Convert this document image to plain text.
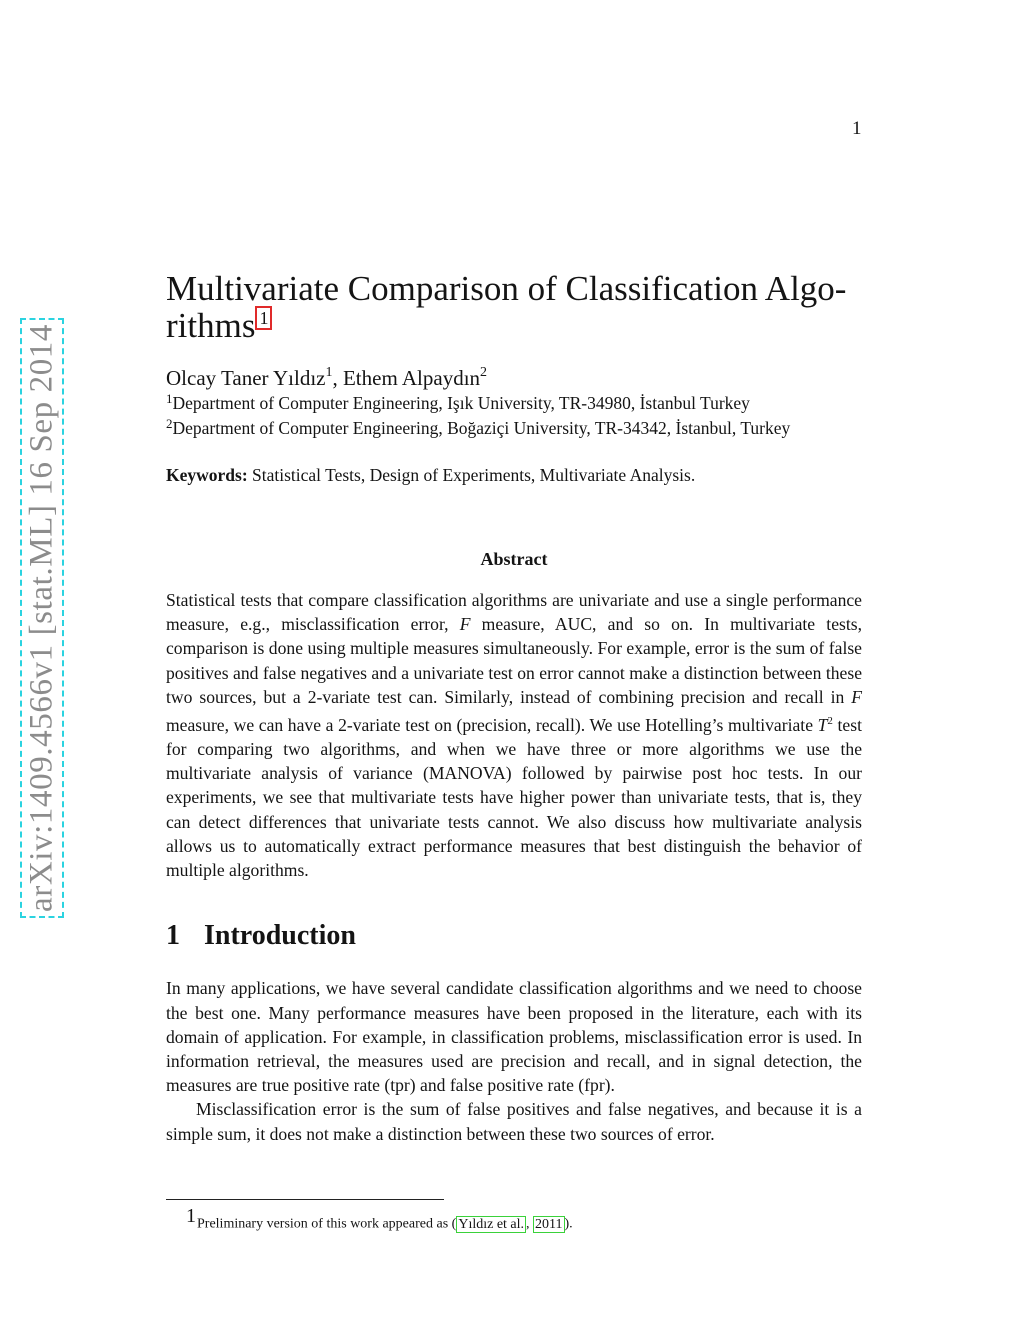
1
arXiv:1409.4566v1 [stat.ML] 16 Sep 2014
Multivariate Comparison of Classification Algo-
rithms $^1$
Olcay Taner Yıldız$^1$, Ethem Alpaydın$^2$
$^1$Department of Computer Engineering, Işık University, TR-34980, İstanbul Turkey
$^2$Department of Computer Engineering, Boğaziçi University, TR-34342, İstanbul, Turkey
Keywords: Statistical Tests, Design of Experiments, Multivariate Analysis.
Abstract

Statistical tests that compare classification algorithms are univariate and use a single performance measure, e.g., misclassification error, F measure, AUC, and so on. In multivariate tests, comparison is done using multiple measures simultaneously. For example, error is the sum of false positives and false negatives and a univariate test on error cannot make a distinction between these two sources, but a 2-variate test can. Similarly, instead of combining precision and recall in F measure, we can have a 2-variate test on (precision, recall). We use Hotelling’s multivariate $T^2$ test for comparing two algorithms, and when we have three or more algorithms we use the multivariate analysis of variance (MANOVA) followed by pairwise post hoc tests. In our experiments, we see that multivariate tests have higher power than univariate tests, that is, they can detect differences that univariate tests cannot. We also discuss how multivariate analysis allows us to automatically extract performance measures that best distinguish the behavior of multiple algorithms.

1 Introduction

In many applications, we have several candidate classification algorithms and we need to choose the best one. Many performance measures have been proposed in the literature, each with its domain of application. For example, in classification problems, misclassification error is used. In information retrieval, the measures used are precision and recall, and in signal detection, the measures are true positive rate (tpr) and false positive rate (fpr).

Misclassification error is the sum of false positives and false negatives, and because it is a simple sum, it does not make a distinction between these two sources of error.

$^1$Preliminary version of this work appeared as ( Yıldız et al. , 2011 ).
